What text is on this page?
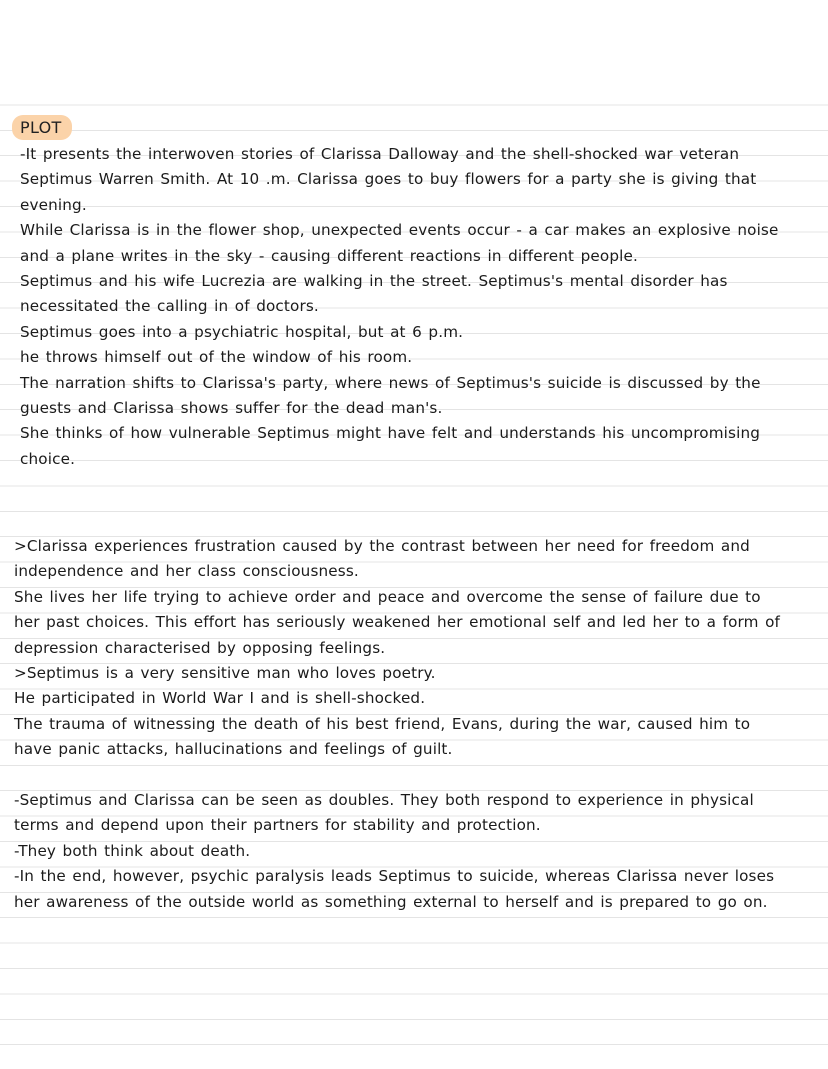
PLOT

-It presents the interwoven stories of Clarissa Dalloway and the shell-shocked war veteran

Septimus Warren Smith. At 10 .m. Clarissa goes to buy flowers for a party she is giving that

evening.

While Clarissa is in the flower shop, unexpected events occur - a car makes an explosive noise

and a plane writes in the sky - causing different reactions in different people.

Septimus and his wife Lucrezia are walking in the street. Septimus's mental disorder has

necessitated the calling in of doctors.

Septimus goes into a psychiatric hospital, but at 6 p.m.

he throws himself out of the window of his room.

The narration shifts to Clarissa's party, where news of Septimus's suicide is discussed by the

guests and Clarissa shows suffer for the dead man's.

She thinks of how vulnerable Septimus might have felt and understands his uncompromising

choice.

>Clarissa experiences frustration caused by the contrast between her need for freedom and

independence and her class consciousness.

She lives her life trying to achieve order and peace and overcome the sense of failure due to

her past choices. This effort has seriously weakened her emotional self and led her to a form of

depression characterised by opposing feelings.

>Septimus is a very sensitive man who loves poetry.

He participated in World War I and is shell-shocked.

The trauma of witnessing the death of his best friend, Evans, during the war, caused him to

have panic attacks, hallucinations and feelings of guilt.

-Septimus and Clarissa can be seen as doubles. They both respond to experience in physical

terms and depend upon their partners for stability and protection.

-They both think about death.

-In the end, however, psychic paralysis leads Septimus to suicide, whereas Clarissa never loses

her awareness of the outside world as something external to herself and is prepared to go on.
